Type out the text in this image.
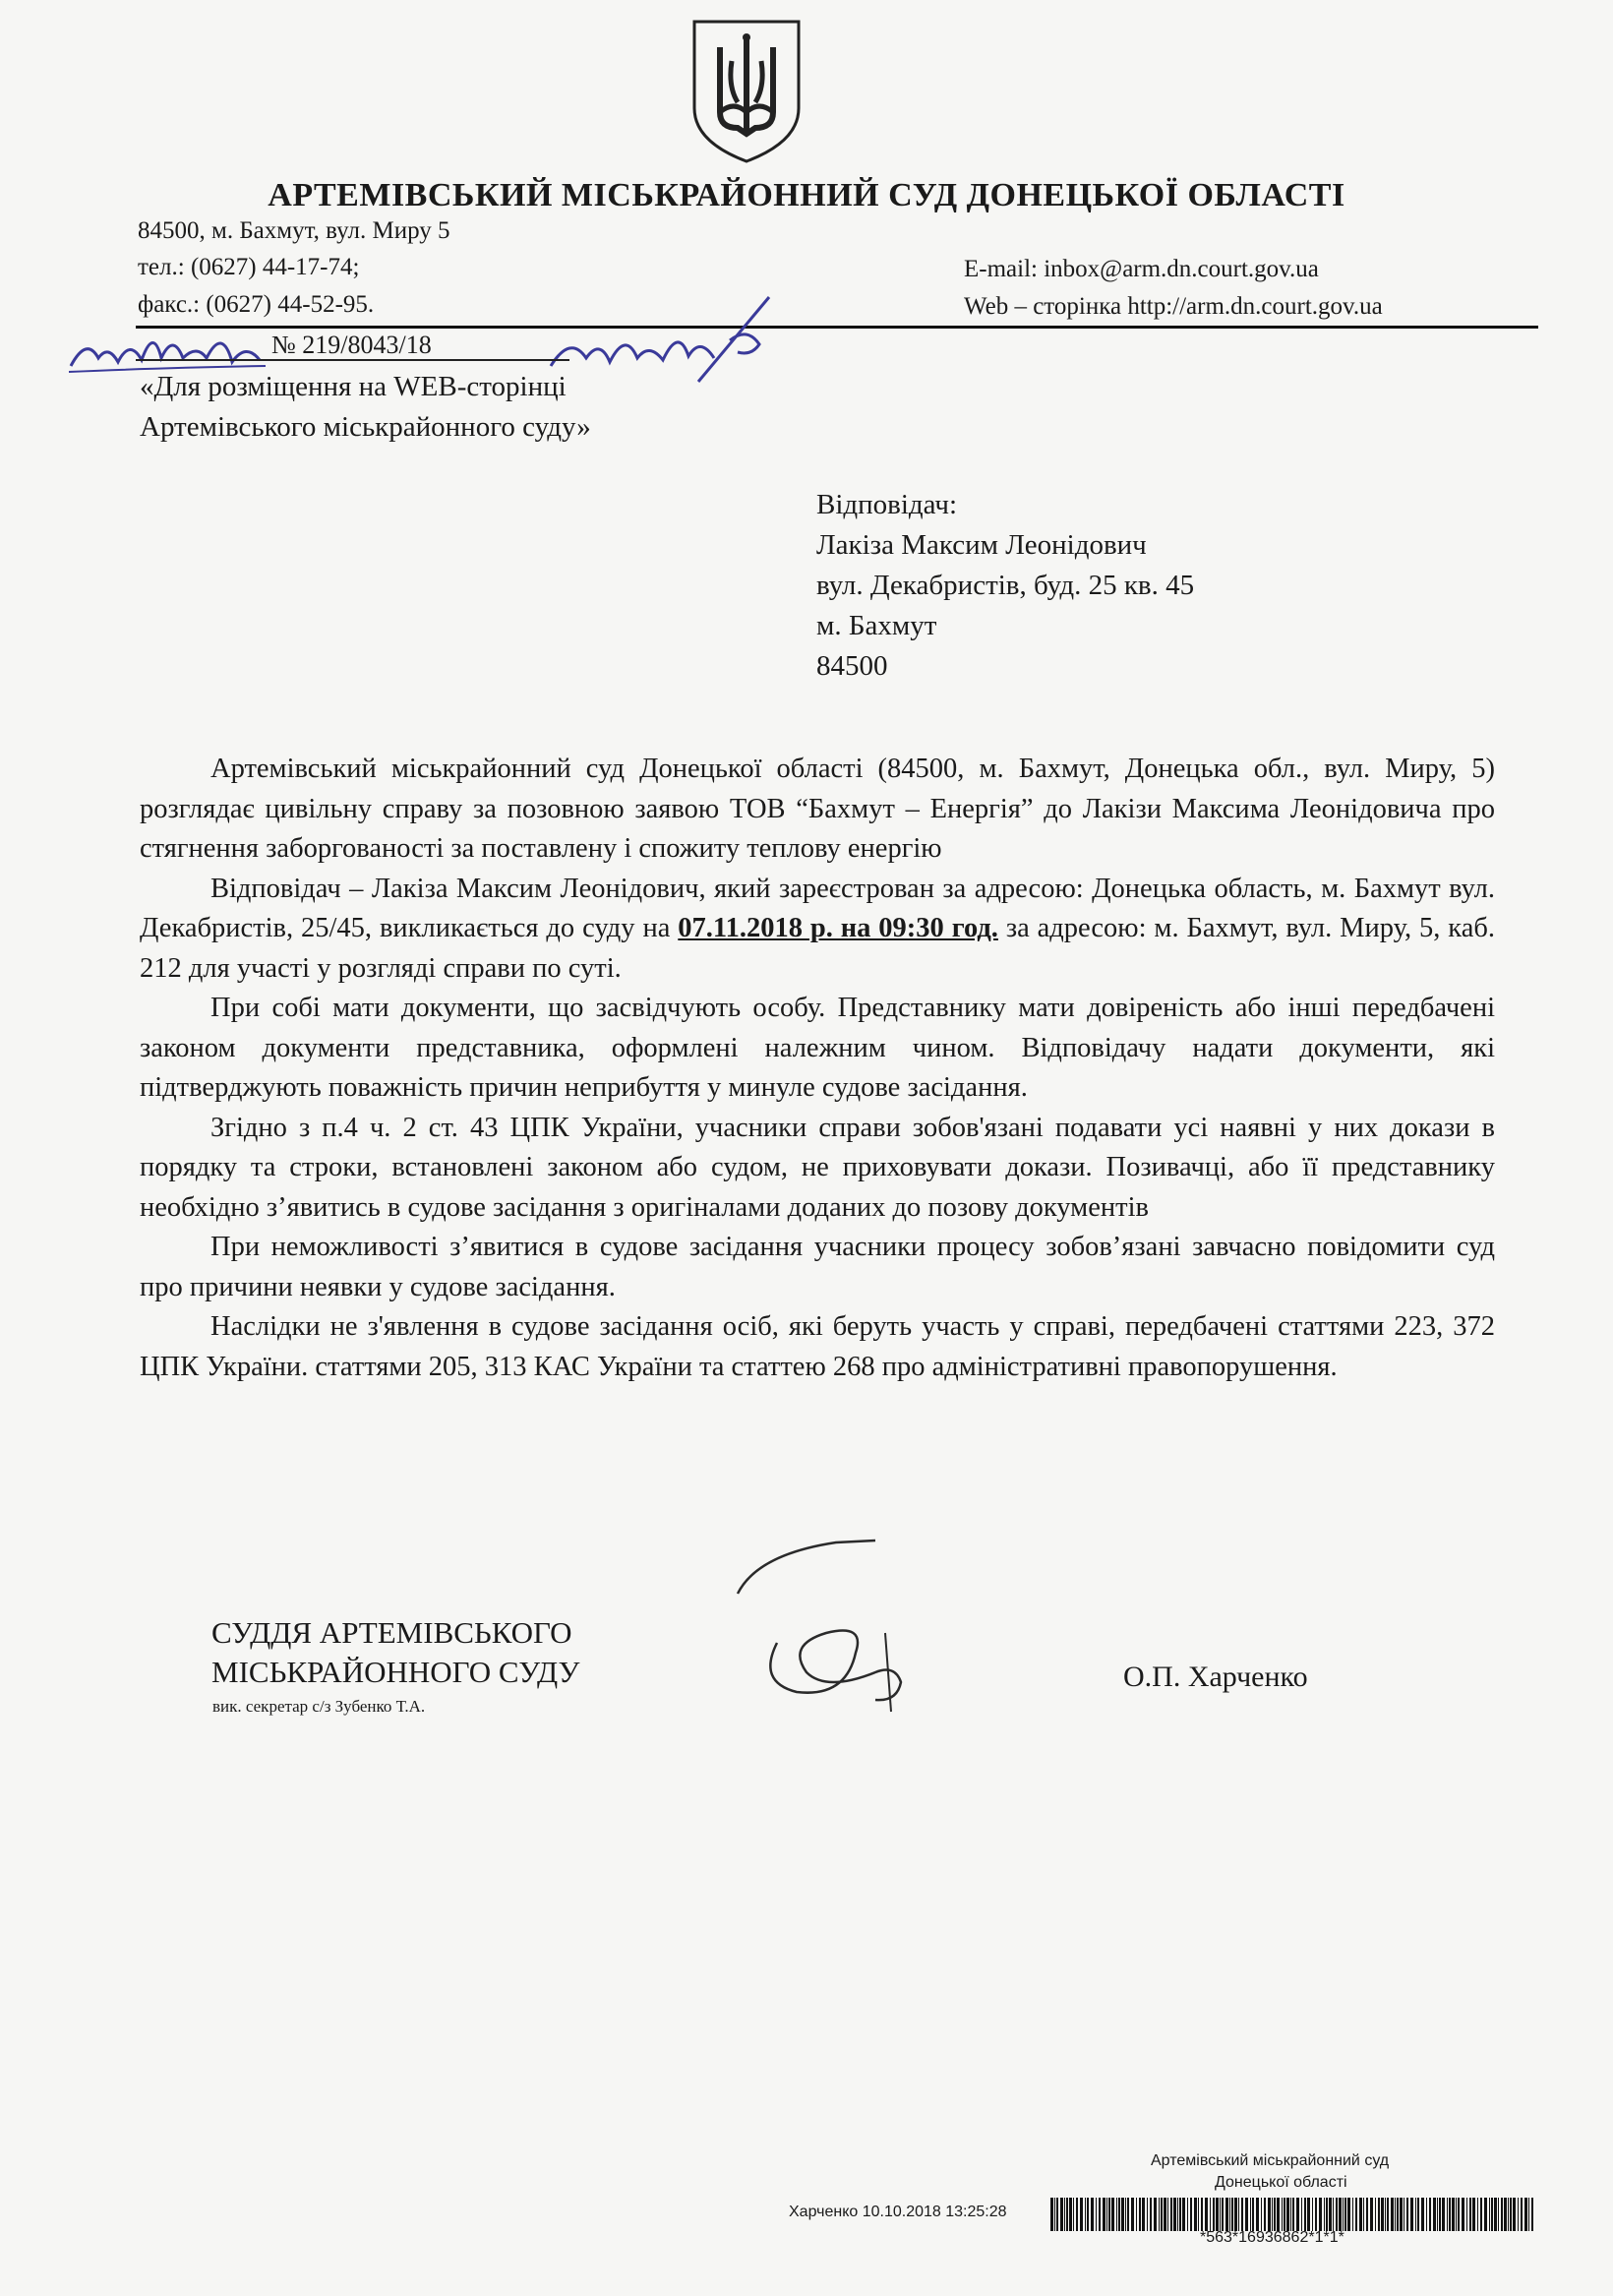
АРТЕМІВСЬКИЙ МІСЬКРАЙОННИЙ СУД ДОНЕЦЬКОЇ ОБЛАСТІ
84500, м. Бахмут, вул. Миру 5
тел.: (0627) 44-17-74;
факс.: (0627) 44-52-95.
E-mail: inbox@arm.dn.court.gov.ua
Web – сторінка http://arm.dn.court.gov.ua
№ 219/8043/18
«Для розміщення на WEB-сторінці
Артемівського міськрайонного суду»
Відповідач:
Лакіза Максим Леонідович
вул. Декабристів, буд. 25 кв. 45
м. Бахмут
84500

Артемівський міськрайонний суд Донецької області (84500, м. Бахмут, Донецька обл., вул. Миру, 5) розглядає цивільну справу за позовною заявою ТОВ “Бахмут – Енергія” до Лакізи Максима Леонідовича про стягнення заборгованості за поставлену і спожиту теплову енергію

Відповідач – Лакіза Максим Леонідович, який зареєстрован за адресою: Донецька область, м. Бахмут вул. Декабристів, 25/45, викликається до суду на 07.11.2018 р. на 09:30 год. за адресою: м. Бахмут, вул. Миру, 5, каб. 212 для участі у розгляді справи по суті.

При собі мати документи, що засвідчують особу. Представнику мати довіреність або інші передбачені законом документи представника, оформлені належним чином. Відповідачу надати документи, які підтверджують поважність причин неприбуття у минуле судове засідання.

Згідно з п.4 ч. 2 ст. 43 ЦПК України, учасники справи зобов'язані подавати усі наявні у них докази в порядку та строки, встановлені законом або судом, не приховувати докази. Позивачці, або її представнику необхідно з’явитись в судове засідання з оригіналами доданих до позову документів

При неможливості з’явитися в судове засідання учасники процесу зобов’язані завчасно повідомити суд про причини неявки у судове засідання.

Наслідки не з'явлення в судове засідання осіб, які беруть участь у справі, передбачені статтями 223, 372 ЦПК України. статтями 205, 313 КАС України та статтею 268 про адміністративні правопорушення.

СУДДЯ АРТЕМІВСЬКОГО
МІСЬКРАЙОННОГО СУДУ
вик. секретар с/з Зубенко Т.А.
О.П. Харченко
Артемівський міськрайонний суд
Донецької області
Харченко 10.10.2018 13:25:28
*563*16936862*1*1*
